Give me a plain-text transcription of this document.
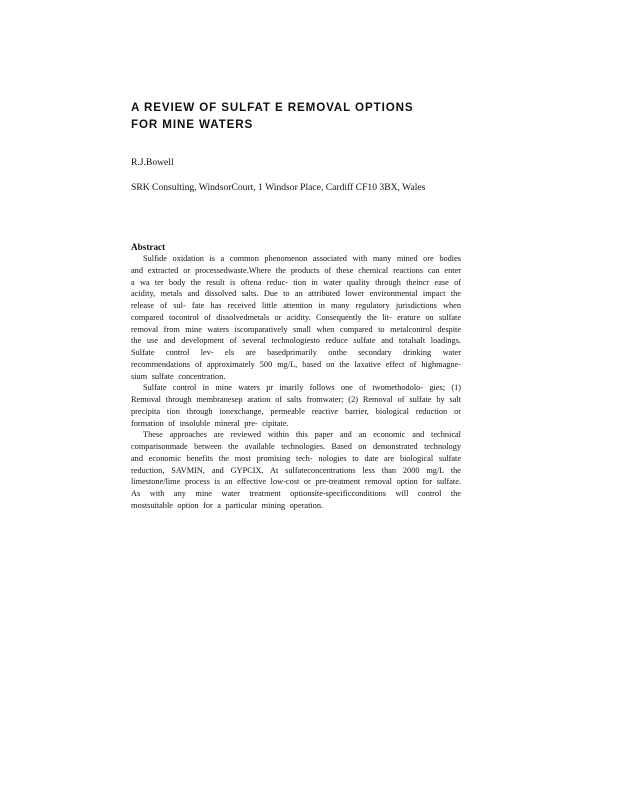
A REVIEW OF SULFAT E REMOVAL OPTIONS
FOR MINE WATERS
R.J.Bowell
SRK Consulting, WindsorCourt, 1 Windsor Place, Cardiff CF10 3BX, Wales
Abstract

Sulfide oxidation is a common phenomenon associated with many mined ore bodies and extracted or processedwaste.Where the products of these chemical reactions can enter a wa ter body the result is oftena reduc- tion in water quality through theincr ease of acidity, metals and dissolved salts. Due to an attributed lower environmental impact the release of sul- fate has received little attention in many regulatory jurisdictions when compared tocontrol of dissolvedmetals or acidity. Consequently the lit- erature on sulfate removal from mine waters iscomparatively small when compared to metalcontrol despite the use and development of several technologiesto reduce sulfate and totalsalt loadings. Sulfate control lev- els are basedprimarily onthe secondary drinking water recommendations of approximately 500 mg/L, based on the laxative effect of highmagne- sium sulfate concentration.

Sulfate control in mine waters pr imarily follows one of twomethodolo- gies; (1) Removal through membranesep aration of salts fromwater; (2) Removal of sulfate by salt precipita tion through ionexchange, permeable reactive barrier, biological reduction or formation of insoluble mineral pre- cipitate.

These approaches are reviewed within this paper and an economic and technical comparisonmade between the available technologies. Based on demonstrated technology and economic benefits the most promising tech- nologies to date are biological sulfate reduction, SAVMIN, and GYPCIX. At sulfateconcentrations less than 2000 mg/L the limestone/lime process is an effective low-cost or pre-treatment removal option for sulfate. As with any mine water treatment optionsite-specificconditions will control the mostsuitable option for a particular mining operation.
